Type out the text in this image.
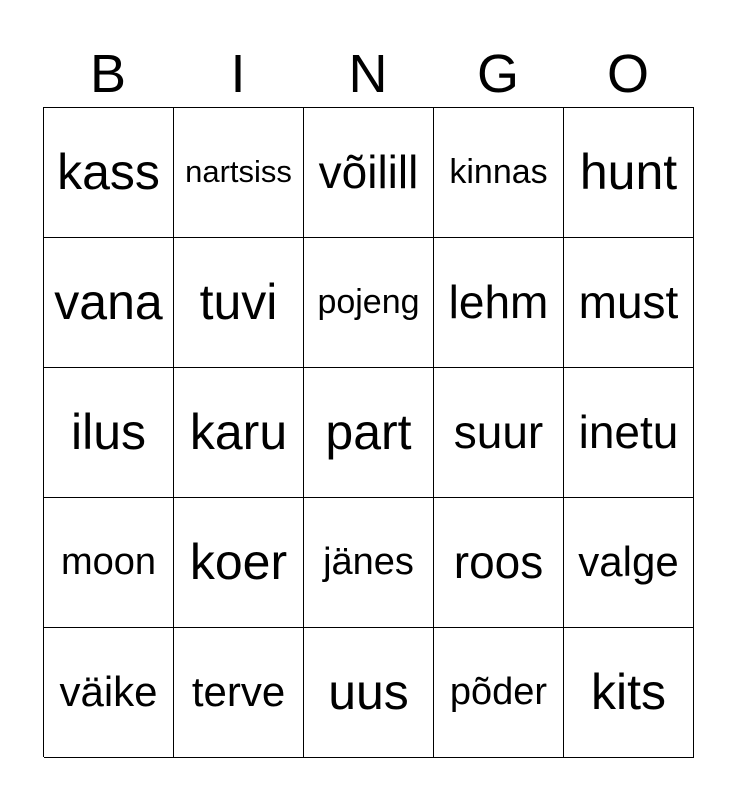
B	I	N	G	O
kass nartsiss võilill kinnas hunt
vana tuvi	pojeng lehm must
ilus karu part suur inetu
moon koer jänes roos valge
väike terve uus	põder kits
